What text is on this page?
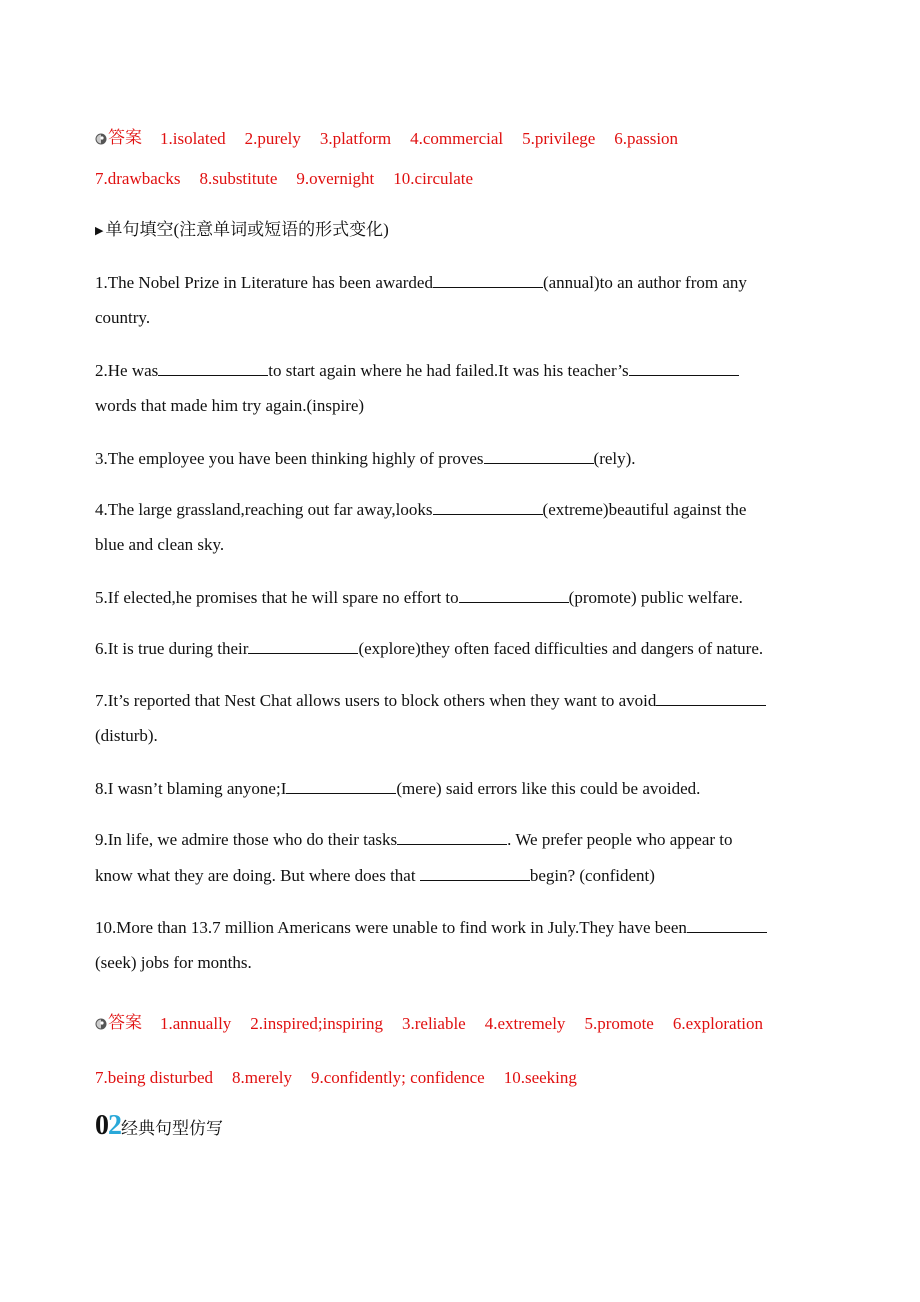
答案 1.isolated 2.purely 3.platform 4.commercial 5.privilege 6.passion
7.drawbacks 8.substitute 9.overnight 10.circulate
▶ 单句填空(注意单词或短语的形式变化)
1.The Nobel Prize in Literature has been awarded	(annual)to an author from any
country.
2.He was	to start again where he had failed.It was his teacher’s
words that made him try again.(inspire)
3.The employee you have been thinking highly of proves	(rely).
4.The large grassland,reaching out far away,looks	(extreme)beautiful against the
blue and clean sky.
5.If elected,he promises that he will spare no effort to	(promote) public welfare.
6.It is true during their	(explore)they often faced difficulties and dangers of nature.
7.It’s reported that Nest Chat allows users to block others when they want to avoid
(disturb).
8.I wasn’t blaming anyone;I	(mere) said errors like this could be avoided.
9.In life, we admire those who do their tasks	. We prefer people who appear to
know what they are doing. But where does that	begin? (confident)
10.More than 13.7 million Americans were unable to find work in July.They have been
(seek) jobs for months.
答案 1.annually 2.inspired;inspiring 3.reliable 4.extremely 5.promote 6.exploration
7.being disturbed 8.merely 9.confidently; confidence 10.seeking
02经典句型仿写
